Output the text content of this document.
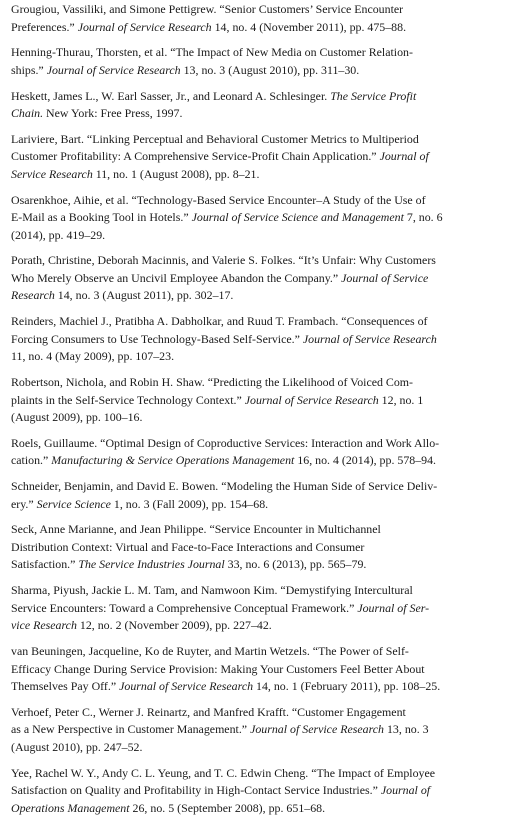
Grougiou, Vassiliki, and Simone Pettigrew. “Senior Customers’ Service Encounter
Preferences.” Journal of Service Research 14, no. 4 (November 2011), pp. 475–88.

Henning-Thurau, Thorsten, et al. “The Impact of New Media on Customer Relation-
ships.” Journal of Service Research 13, no. 3 (August 2010), pp. 311–30.

Heskett, James L., W. Earl Sasser, Jr., and Leonard A. Schlesinger. The Service Profit
Chain. New York: Free Press, 1997.

Lariviere, Bart. “Linking Perceptual and Behavioral Customer Metrics to Multiperiod
Customer Profitability: A Comprehensive Service-Profit Chain Application.” Journal of
Service Research 11, no. 1 (August 2008), pp. 8–21.

Osarenkhoe, Aihie, et al. “Technology-Based Service Encounter–A Study of the Use of
E-Mail as a Booking Tool in Hotels.” Journal of Service Science and Management 7, no. 6
(2014), pp. 419–29.

Porath, Christine, Deborah Macinnis, and Valerie S. Folkes. “It’s Unfair: Why Customers
Who Merely Observe an Uncivil Employee Abandon the Company.” Journal of Service
Research 14, no. 3 (August 2011), pp. 302–17.

Reinders, Machiel J., Pratibha A. Dabholkar, and Ruud T. Frambach. “Consequences of
Forcing Consumers to Use Technology-Based Self-Service.” Journal of Service Research
11, no. 4 (May 2009), pp. 107–23.

Robertson, Nichola, and Robin H. Shaw. “Predicting the Likelihood of Voiced Com-
plaints in the Self-Service Technology Context.” Journal of Service Research 12, no. 1
(August 2009), pp. 100–16.

Roels, Guillaume. “Optimal Design of Coproductive Services: Interaction and Work Allo-
cation.” Manufacturing & Service Operations Management 16, no. 4 (2014), pp. 578–94.

Schneider, Benjamin, and David E. Bowen. “Modeling the Human Side of Service Deliv-
ery.” Service Science 1, no. 3 (Fall 2009), pp. 154–68.

Seck, Anne Marianne, and Jean Philippe. “Service Encounter in Multichannel
Distribution Context: Virtual and Face-to-Face Interactions and Consumer
Satisfaction.” The Service Industries Journal 33, no. 6 (2013), pp. 565–79.

Sharma, Piyush, Jackie L. M. Tam, and Namwoon Kim. “Demystifying Intercultural
Service Encounters: Toward a Comprehensive Conceptual Framework.” Journal of Ser-
vice Research 12, no. 2 (November 2009), pp. 227–42.

van Beuningen, Jacqueline, Ko de Ruyter, and Martin Wetzels. “The Power of Self-
Efficacy Change During Service Provision: Making Your Customers Feel Better About
Themselves Pay Off.” Journal of Service Research 14, no. 1 (February 2011), pp. 108–25.

Verhoef, Peter C., Werner J. Reinartz, and Manfred Krafft. “Customer Engagement
as a New Perspective in Customer Management.” Journal of Service Research 13, no. 3
(August 2010), pp. 247–52.

Yee, Rachel W. Y., Andy C. L. Yeung, and T. C. Edwin Cheng. “The Impact of Employee
Satisfaction on Quality and Profitability in High-Contact Service Industries.” Journal of
Operations Management 26, no. 5 (September 2008), pp. 651–68.
